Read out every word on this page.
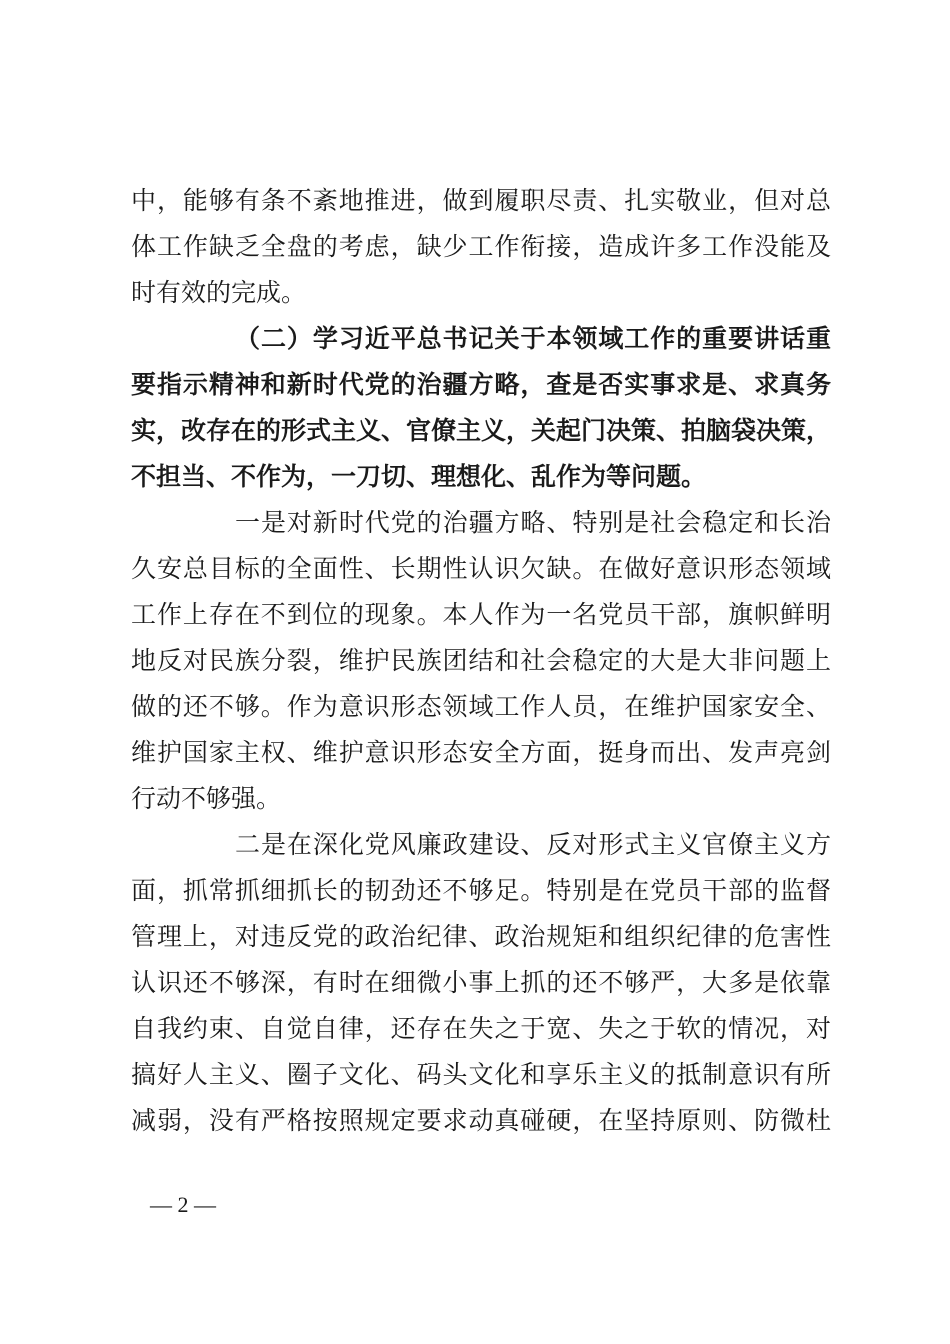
中，能够有条不紊地推进，做到履职尽责、扎实敬业，但对总
体工作缺乏全盘的考虑，缺少工作衔接，造成许多工作没能及
时有效的完成。
（二）学习近平总书记关于本领域工作的重要讲话重
要指示精神和新时代党的治疆方略，查是否实事求是、求真务
实，改存在的形式主义、官僚主义，关起门决策、拍脑袋决策，
不担当、不作为，一刀切、理想化、乱作为等问题。
一是对新时代党的治疆方略、特别是社会稳定和长治
久安总目标的全面性、长期性认识欠缺。在做好意识形态领域
工作上存在不到位的现象。本人作为一名党员干部，旗帜鲜明
地反对民族分裂，维护民族团结和社会稳定的大是大非问题上
做的还不够。作为意识形态领域工作人员，在维护国家安全、
维护国家主权、维护意识形态安全方面，挺身而出、发声亮剑
行动不够强。
二是在深化党风廉政建设、反对形式主义官僚主义方
面，抓常抓细抓长的韧劲还不够足。特别是在党员干部的监督
管理上，对违反党的政治纪律、政治规矩和组织纪律的危害性
认识还不够深，有时在细微小事上抓的还不够严，大多是依靠
自我约束、自觉自律，还存在失之于宽、失之于软的情况，对
搞好人主义、圈子文化、码头文化和享乐主义的抵制意识有所
减弱，没有严格按照规定要求动真碰硬，在坚持原则、防微杜
— 2 —
